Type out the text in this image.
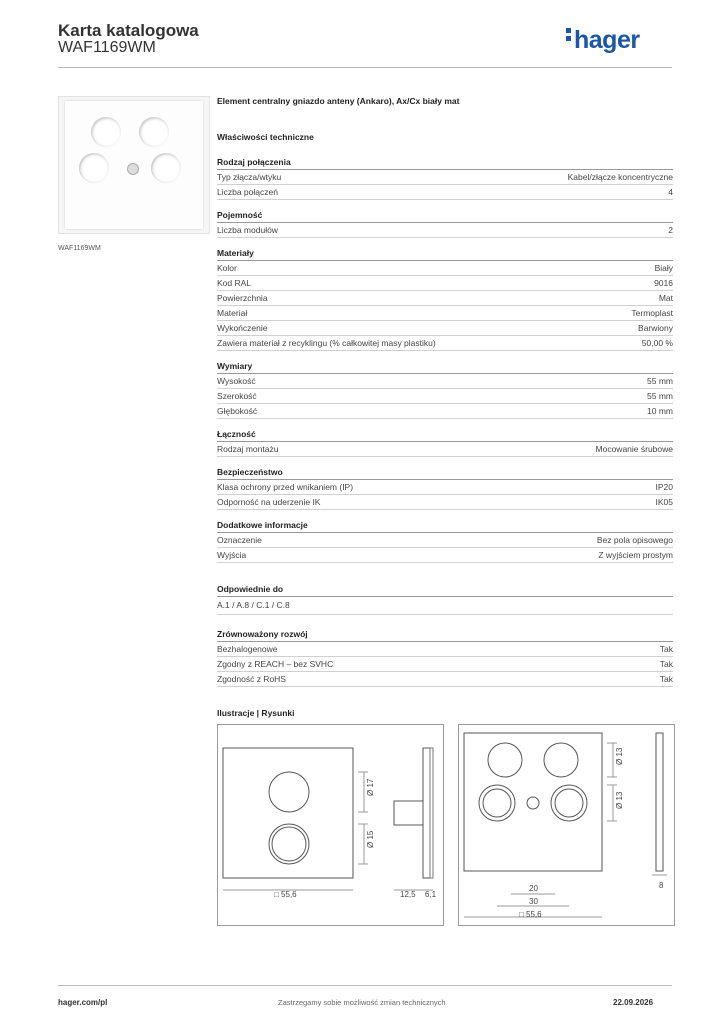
Karta katalogowa
WAF1169WM	hager
WAF1169WM
Element centralny gniazdo anteny (Ankaro), Ax/Cx biały mat
Właściwości techniczne
Rodzaj połączenia
Typ złącza/wtyku	Kabel/złącze koncentryczne
Liczba połączeń	4
Pojemność
Liczba modułów	2
Materiały
Kolor	Biały
Kod RAL	9016
Powierzchnia	Mat
Materiał	Termoplast
Wykończenie	Barwiony
Zawiera materiał z recyklingu (% całkowitej masy plastiku)	50,00 %
Wymiary
Wysokość	55 mm
Szerokość	55 mm
Głębokość	10 mm
Łączność
Rodzaj montażu	Mocowanie śrubowe
Bezpieczeństwo
Klasa ochrony przed wnikaniem (IP)	IP20
Odporność na uderzenie IK	IK05
Dodatkowe informacje
Oznaczenie	Bez pola opisowego
Wyjścia	Z wyjściem prostym
Odpowiednie do
A.1 / A.8 / C.1 / C.8
Zrównoważony rozwój
Bezhalogenowe	Tak
Zgodny z REACH – bez SVHC	Tak
Zgodność z RoHS	Tak
Ilustracje | Rysunki
Ø 17
Ø 15
□ 55,6	12,5 6,1
Ø 13
Ø 13
20
30
□ 55,6
8
hager.com/pl	Zastrzegamy sobie możliwość zmian technicznych	22.09.2026
